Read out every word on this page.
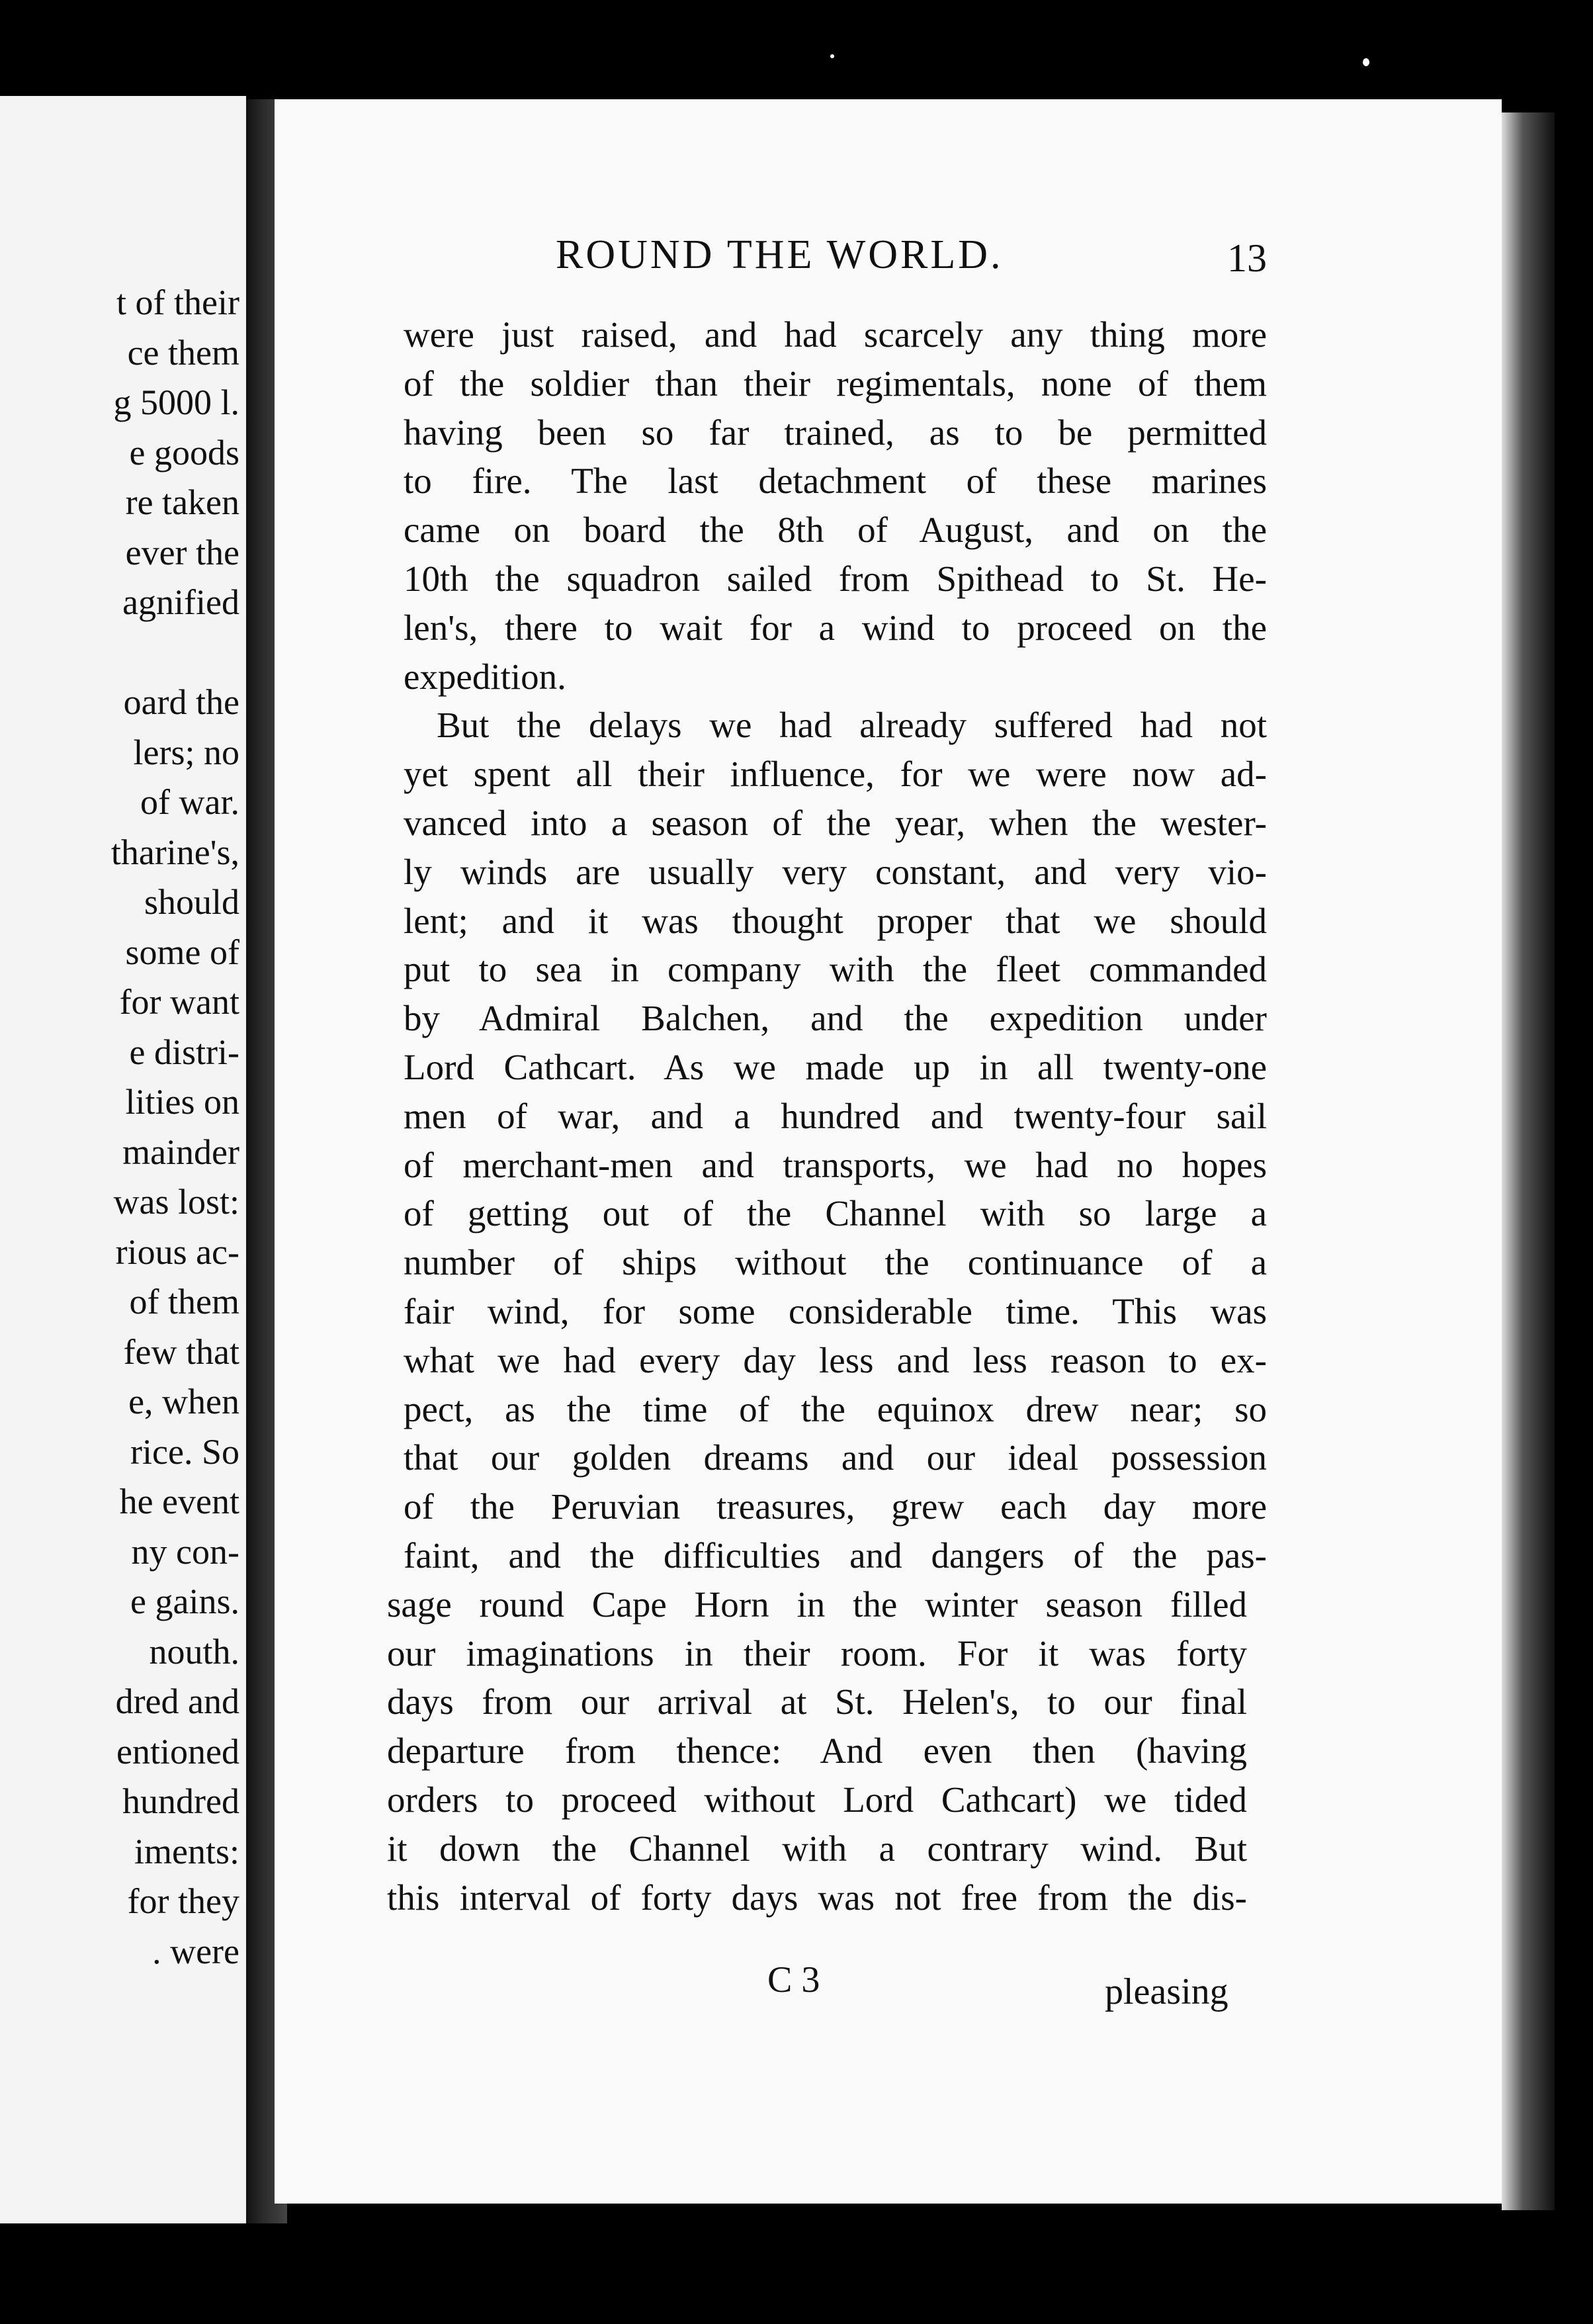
t of their
ce them
g 5000 l.
e goods
re taken
ever the
agnified
oard the
lers; no
of war.
tharine's,
should
some of
for want
e distri-
lities on
mainder
was lost:
rious ac-
of them
few that
e, when
rice. So
he event
ny con-
e gains.
nouth.
dred and
entioned
hundred
iments:
for they
. were
ROUND THE WORLD.	13
were just raised, and had scarcely any thing more
of the soldier than their regimentals, none of them
having been so far trained, as to be permitted
to fire. The last detachment of these marines
came on board the 8th of August, and on the
10th the squadron sailed from Spithead to St. He-
len's, there to wait for a wind to proceed on the
expedition.
But the delays we had already suffered had not
yet spent all their influence, for we were now ad-
vanced into a season of the year, when the wester-
ly winds are usually very constant, and very vio-
lent; and it was thought proper that we should
put to sea in company with the fleet commanded
by Admiral Balchen, and the expedition under
Lord Cathcart. As we made up in all twenty-one
men of war, and a hundred and twenty-four sail
of merchant-men and transports, we had no hopes
of getting out of the Channel with so large a
number of ships without the continuance of a
fair wind, for some considerable time. This was
what we had every day less and less reason to ex-
pect, as the time of the equinox drew near; so
that our golden dreams and our ideal possession
of the Peruvian treasures, grew each day more
faint, and the difficulties and dangers of the pas-
sage round Cape Horn in the winter season filled
our imaginations in their room. For it was forty
days from our arrival at St. Helen's, to our final
departure from thence: And even then (having
orders to proceed without Lord Cathcart) we tided
it down the Channel with a contrary wind. But
this interval of forty days was not free from the dis-
C 3	pleasing
